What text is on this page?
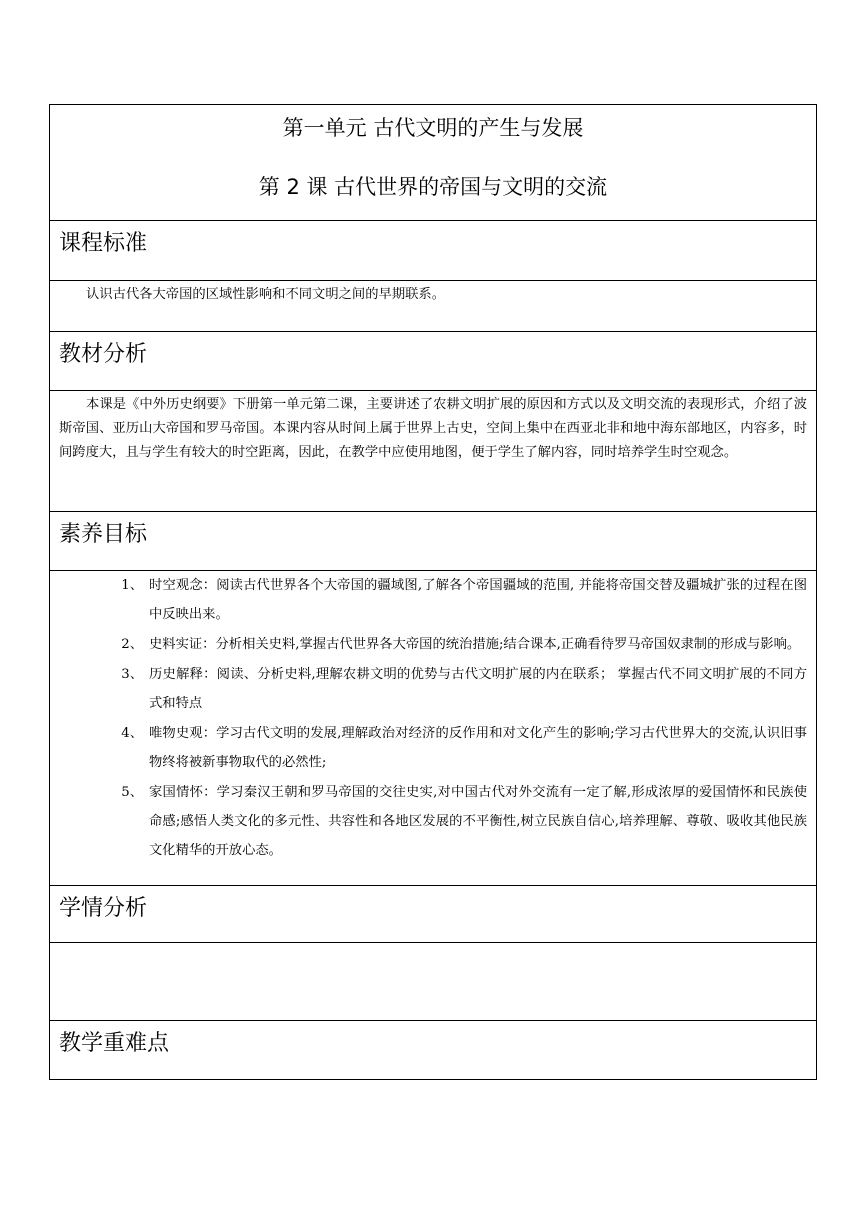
第一单元 古代文明的产生与发展
第 2 课 古代世界的帝国与文明的交流
课程标准

认识古代各大帝国的区域性影响和不同文明之间的早期联系。

教材分析

本课是《中外历史纲要》下册第一单元第二课，主要讲述了农耕文明扩展的原因和方式以及文明交流的表现形式，介绍了波斯帝国、亚历山大帝国和罗马帝国。本课内容从时间上属于世界上古史，空间上集中在西亚北非和地中海东部地区，内容多，时间跨度大，且与学生有较大的时空距离，因此，在教学中应使用地图，便于学生了解内容，同时培养学生时空观念。

素养目标
1、 时空观念：阅读古代世界各个大帝国的疆域图,了解各个帝国疆域的范围, 并能将帝国交替及疆城扩张的过程在图中反映出来。
2、 史料实证：分析相关史料,掌握古代世界各大帝国的统治措施;结合课本,正确看待罗马帝国奴隶制的形成与影响。
3、 历史解释：阅读、分析史料,理解农耕文明的优势与古代文明扩展的内在联系； 掌握古代不同文明扩展的不同方式和特点
4、 唯物史观：学习古代文明的发展,理解政治对经济的反作用和对文化产生的影响;学习古代世界大的交流,认识旧事物终将被新事物取代的必然性;
5、 家国情怀：学习秦汉王朝和罗马帝国的交往史实,对中国古代对外交流有一定了解,形成浓厚的爱国情怀和民族使命感;感悟人类文化的多元性、共容性和各地区发展的不平衡性,树立民族自信心,培养理解、尊敬、吸收其他民族文化精华的开放心态。
学情分析
教学重难点
